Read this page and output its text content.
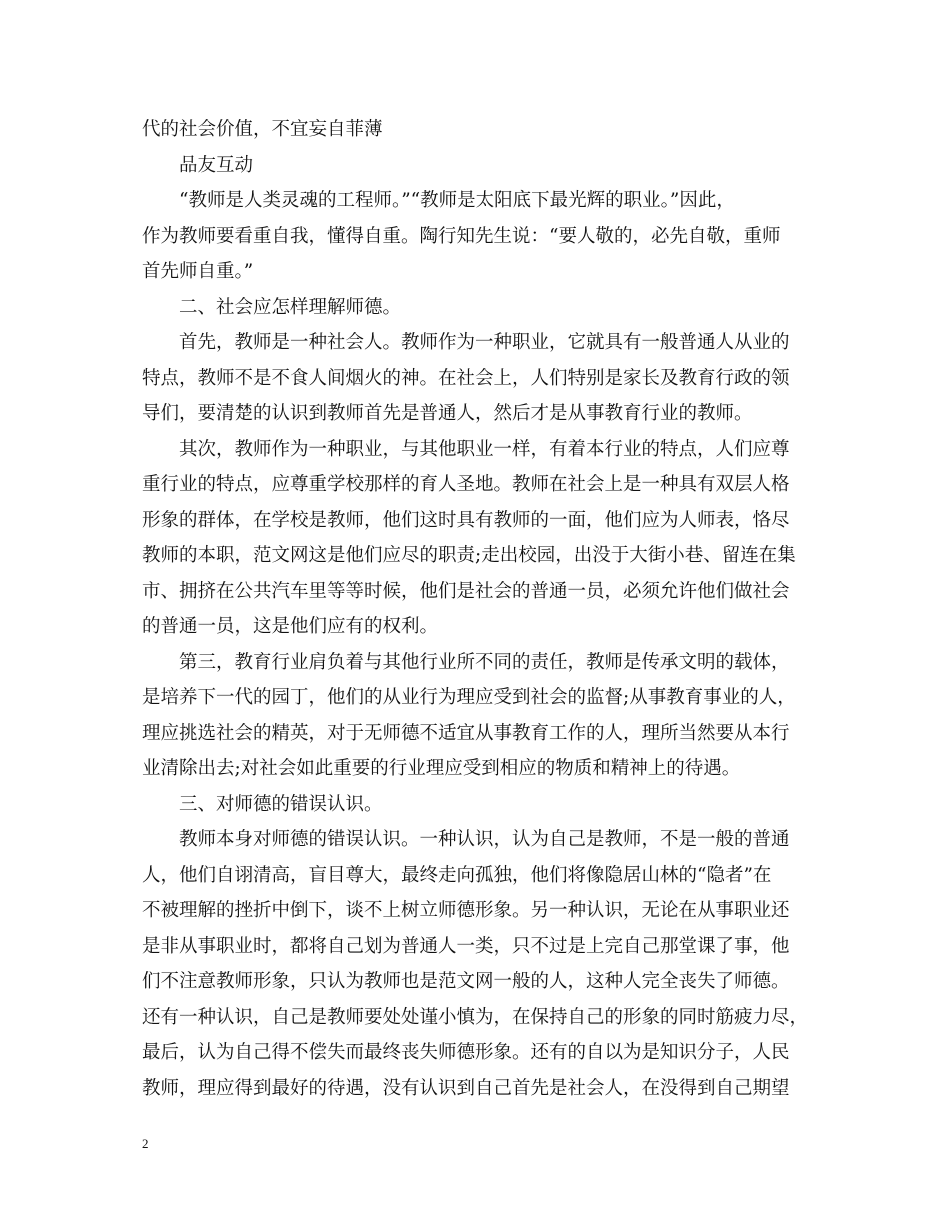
代的社会价值，不宜妄自菲薄
品友互动
“教师是人类灵魂的工程师。”“教师是太阳底下最光辉的职业。”因此，
作为教师要看重自我，懂得自重。陶行知先生说：“要人敬的，必先自敬，重师
首先师自重。”
二、社会应怎样理解师德。
首先，教师是一种社会人。教师作为一种职业，它就具有一般普通人从业的
特点，教师不是不食人间烟火的神。在社会上，人们特别是家长及教育行政的领
导们，要清楚的认识到教师首先是普通人，然后才是从事教育行业的教师。
其次，教师作为一种职业，与其他职业一样，有着本行业的特点，人们应尊
重行业的特点，应尊重学校那样的育人圣地。教师在社会上是一种具有双层人格
形象的群体，在学校是教师，他们这时具有教师的一面，他们应为人师表，恪尽
教师的本职，范文网这是他们应尽的职责;走出校园，出没于大街小巷、留连在集
市、拥挤在公共汽车里等等时候，他们是社会的普通一员，必须允许他们做社会
的普通一员，这是他们应有的权利。
第三，教育行业肩负着与其他行业所不同的责任，教师是传承文明的载体，
是培养下一代的园丁，他们的从业行为理应受到社会的监督;从事教育事业的人，
理应挑选社会的精英，对于无师德不适宜从事教育工作的人，理所当然要从本行
业清除出去;对社会如此重要的行业理应受到相应的物质和精神上的待遇。
三、对师德的错误认识。
教师本身对师德的错误认识。一种认识，认为自己是教师，不是一般的普通
人，他们自诩清高，盲目尊大，最终走向孤独，他们将像隐居山林的“隐者”在
不被理解的挫折中倒下，谈不上树立师德形象。另一种认识，无论在从事职业还
是非从事职业时，都将自己划为普通人一类，只不过是上完自己那堂课了事，他
们不注意教师形象，只认为教师也是范文网一般的人，这种人完全丧失了师德。
还有一种认识，自己是教师要处处谨小慎为，在保持自己的形象的同时筋疲力尽，
最后，认为自己得不偿失而最终丧失师德形象。还有的自以为是知识分子，人民
教师，理应得到最好的待遇，没有认识到自己首先是社会人，在没得到自己期望
2
